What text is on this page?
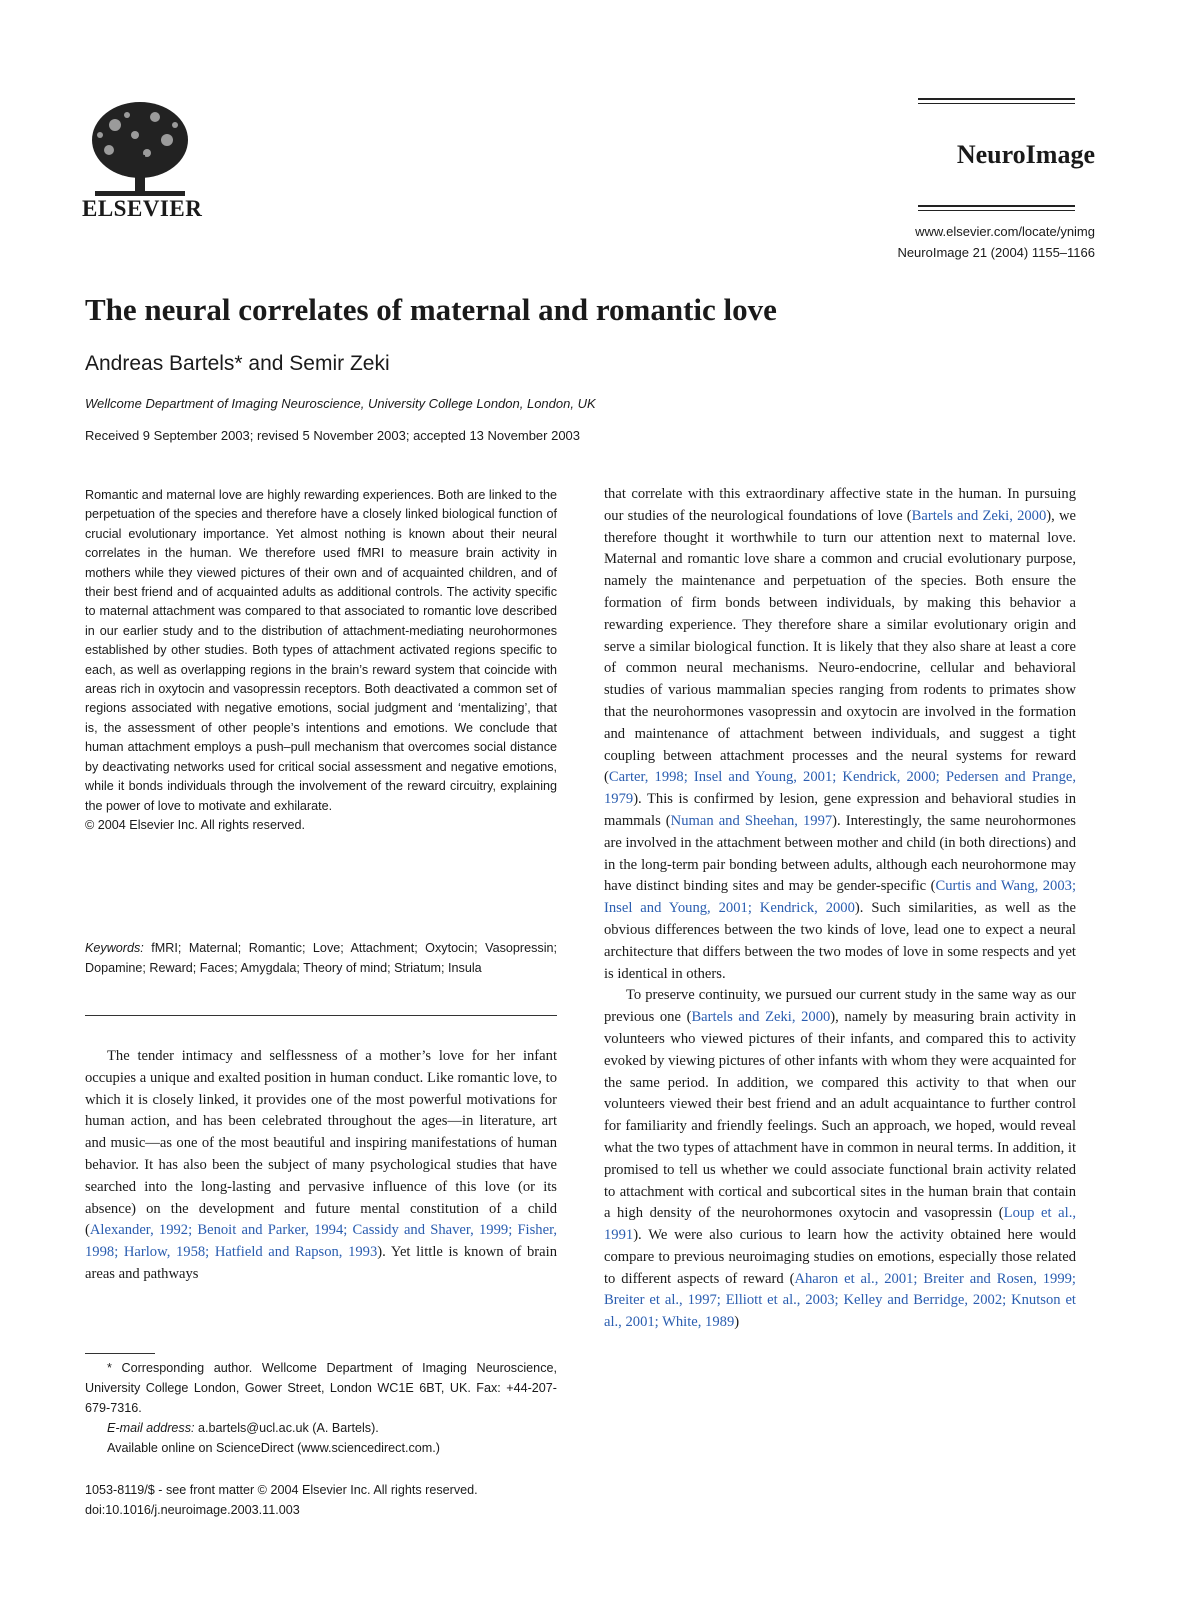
ELSEVIER
NeuroImage
www.elsevier.com/locate/ynimg
NeuroImage 21 (2004) 1155–1166
The neural correlates of maternal and romantic love
Andreas Bartels* and Semir Zeki
Wellcome Department of Imaging Neuroscience, University College London, London, UK
Received 9 September 2003; revised 5 November 2003; accepted 13 November 2003

Romantic and maternal love are highly rewarding experiences. Both are linked to the perpetuation of the species and therefore have a closely linked biological function of crucial evolutionary importance. Yet almost nothing is known about their neural correlates in the human. We therefore used fMRI to measure brain activity in mothers while they viewed pictures of their own and of acquainted children, and of their best friend and of acquainted adults as additional controls. The activity specific to maternal attachment was compared to that associated to romantic love described in our earlier study and to the distribution of attachment-mediating neurohormones established by other studies. Both types of attachment activated regions specific to each, as well as overlapping regions in the brain’s reward system that coincide with areas rich in oxytocin and vasopressin receptors. Both deactivated a common set of regions associated with negative emotions, social judgment and ‘mentalizing’, that is, the assessment of other people’s intentions and emotions. We conclude that human attachment employs a push–pull mechanism that overcomes social distance by deactivating networks used for critical social assessment and negative emotions, while it bonds individuals through the involvement of the reward circuitry, explaining the power of love to motivate and exhilarate.

© 2004 Elsevier Inc. All rights reserved.

Keywords: fMRI; Maternal; Romantic; Love; Attachment; Oxytocin; Vasopressin; Dopamine; Reward; Faces; Amygdala; Theory of mind; Striatum; Insula

The tender intimacy and selflessness of a mother’s love for her infant occupies a unique and exalted position in human conduct. Like romantic love, to which it is closely linked, it provides one of the most powerful motivations for human action, and has been celebrated throughout the ages—in literature, art and music—as one of the most beautiful and inspiring manifestations of human behavior. It has also been the subject of many psychological studies that have searched into the long-lasting and pervasive influence of this love (or its absence) on the development and future mental constitution of a child (Alexander, 1992; Benoit and Parker, 1994; Cassidy and Shaver, 1999; Fisher, 1998; Harlow, 1958; Hatfield and Rapson, 1993). Yet little is known of brain areas and pathways

that correlate with this extraordinary affective state in the human. In pursuing our studies of the neurological foundations of love (Bartels and Zeki, 2000), we therefore thought it worthwhile to turn our attention next to maternal love. Maternal and romantic love share a common and crucial evolutionary purpose, namely the maintenance and perpetuation of the species. Both ensure the formation of firm bonds between individuals, by making this behavior a rewarding experience. They therefore share a similar evolutionary origin and serve a similar biological function. It is likely that they also share at least a core of common neural mechanisms. Neuro-endocrine, cellular and behavioral studies of various mammalian species ranging from rodents to primates show that the neurohormones vasopressin and oxytocin are involved in the formation and maintenance of attachment between individuals, and suggest a tight coupling between attachment processes and the neural systems for reward (Carter, 1998; Insel and Young, 2001; Kendrick, 2000; Pedersen and Prange, 1979). This is confirmed by lesion, gene expression and behavioral studies in mammals (Numan and Sheehan, 1997). Interestingly, the same neurohormones are involved in the attachment between mother and child (in both directions) and in the long-term pair bonding between adults, although each neurohormone may have distinct binding sites and may be gender-specific (Curtis and Wang, 2003; Insel and Young, 2001; Kendrick, 2000). Such similarities, as well as the obvious differences between the two kinds of love, lead one to expect a neural architecture that differs between the two modes of love in some respects and yet is identical in others.

To preserve continuity, we pursued our current study in the same way as our previous one (Bartels and Zeki, 2000), namely by measuring brain activity in volunteers who viewed pictures of their infants, and compared this to activity evoked by viewing pictures of other infants with whom they were acquainted for the same period. In addition, we compared this activity to that when our volunteers viewed their best friend and an adult acquaintance to further control for familiarity and friendly feelings. Such an approach, we hoped, would reveal what the two types of attachment have in common in neural terms. In addition, it promised to tell us whether we could associate functional brain activity related to attachment with cortical and subcortical sites in the human brain that contain a high density of the neurohormones oxytocin and vasopressin (Loup et al., 1991). We were also curious to learn how the activity obtained here would compare to previous neuroimaging studies on emotions, especially those related to different aspects of reward (Aharon et al., 2001; Breiter and Rosen, 1999; Breiter et al., 1997; Elliott et al., 2003; Kelley and Berridge, 2002; Knutson et al., 2001; White, 1989)

* Corresponding author. Wellcome Department of Imaging Neuroscience, University College London, Gower Street, London WC1E 6BT, UK. Fax: +44-207-679-7316.

E-mail address: a.bartels@ucl.ac.uk (A. Bartels).

Available online on ScienceDirect (www.sciencedirect.com.)

1053-8119/$ - see front matter © 2004 Elsevier Inc. All rights reserved.
doi:10.1016/j.neuroimage.2003.11.003
